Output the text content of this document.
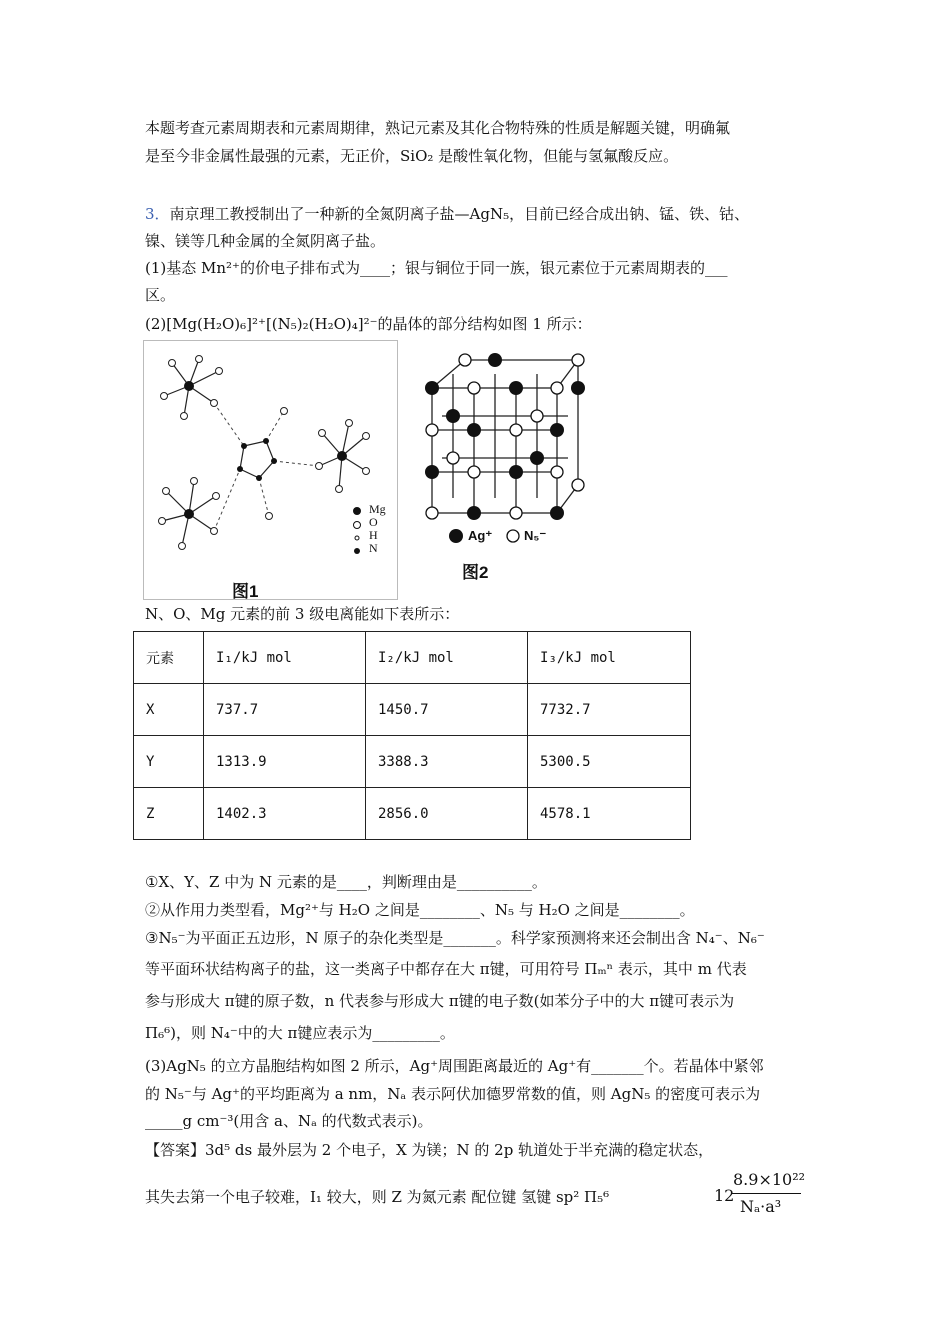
本题考查元素周期表和元素周期律，熟记元素及其化合物特殊的性质是解题关键，明确氟
是至今非金属性最强的元素，无正价，SiO₂ 是酸性氧化物，但能与氢氟酸反应。
3．南京理工教授制出了一种新的全氮阴离子盐—AgN₅，目前已经合成出钠、锰、铁、钴、
镍、镁等几种金属的全氮阴离子盐。
(1)基态 Mn²⁺的价电子排布式为____；银与铜位于同一族，银元素位于元素周期表的___
区。
(2)[Mg(H₂O)₆]²⁺[(N₅)₂(H₂O)₄]²⁻的晶体的部分结构如图 1 所示：
Mg
O
H
N
图1
Ag⁺ N₅⁻
图2
N、O、Mg 元素的前 3 级电离能如下表所示：
元素	I₁/kJ mol	I₂/kJ mol	I₃/kJ mol
X	737.7	1450.7	7732.7
Y	1313.9	3388.3	5300.5
Z	1402.3	2856.0	4578.1
①X、Y、Z 中为 N 元素的是____，判断理由是__________。
②从作用力类型看，Mg²⁺与 H₂O 之间是________、N₅ 与 H₂O 之间是________。
③N₅⁻为平面正五边形，N 原子的杂化类型是_______。科学家预测将来还会制出含 N₄⁻、N₆⁻
等平面环状结构离子的盐，这一类离子中都存在大 π键，可用符号 Πₘⁿ 表示，其中 m 代表
参与形成大 π键的原子数，n 代表参与形成大 π键的电子数(如苯分子中的大 π键可表示为
Π₆⁶)，则 N₄⁻中的大 π键应表示为_________。
(3)AgN₅ 的立方晶胞结构如图 2 所示，Ag⁺周围距离最近的 Ag⁺有_______个。若晶体中紧邻
的 N₅⁻与 Ag⁺的平均距离为 a nm，Nₐ 表示阿伏加德罗常数的值，则 AgN₅ 的密度可表示为
_____g cm⁻³(用含 a、Nₐ 的代数式表示)。
【答案】3d⁵ ds 最外层为 2 个电子，X 为镁；N 的 2p 轨道处于半充满的稳定状态，
其失去第一个电子较难，I₁ 较大，则 Z 为氮元素 配位键 氢键 sp² Π₅⁶	12
8.9×10²²
Nₐ·a³
